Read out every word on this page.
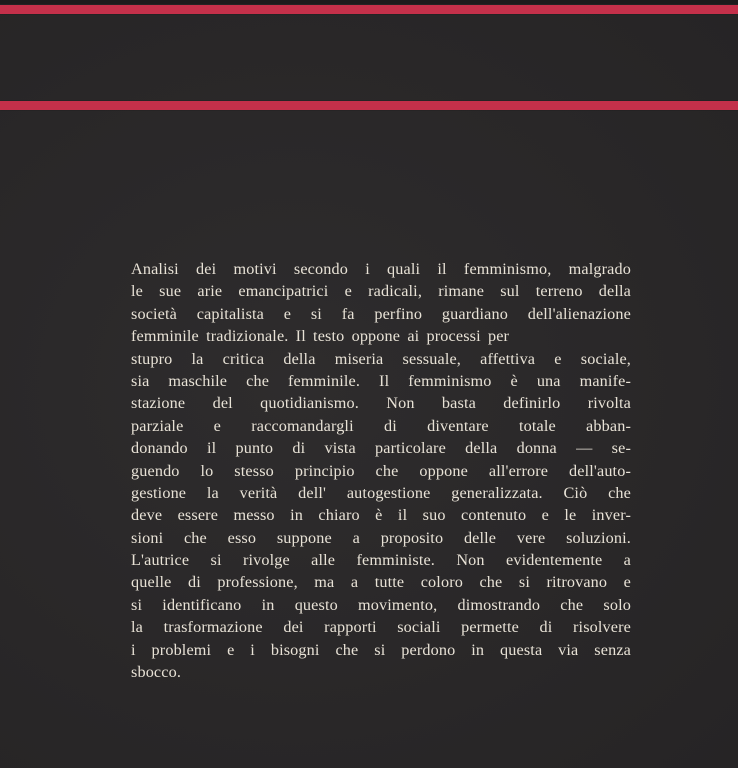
Analisi dei motivi secondo i quali il femminismo, malgrado
le sue arie emancipatrici e radicali, rimane sul terreno della
società capitalista e si fa perfino guardiano dell'alienazione
femminile tradizionale. Il testo oppone ai processi per
stupro la critica della miseria sessuale, affettiva e sociale,
sia maschile che femminile. Il femminismo è una manife-
stazione del quotidianismo. Non basta definirlo rivolta
parziale e raccomandargli di diventare totale abban-
donando il punto di vista particolare della donna — se-
guendo lo stesso principio che oppone all'errore dell'auto-
gestione la verità dell' autogestione generalizzata. Ciò che
deve essere messo in chiaro è il suo contenuto e le inver-
sioni che esso suppone a proposito delle vere soluzioni.
L'autrice si rivolge alle femministe. Non evidentemente a
quelle di professione, ma a tutte coloro che si ritrovano e
si identificano in questo movimento, dimostrando che solo
la trasformazione dei rapporti sociali permette di risolvere
i problemi e i bisogni che si perdono in questa via senza
sbocco.
